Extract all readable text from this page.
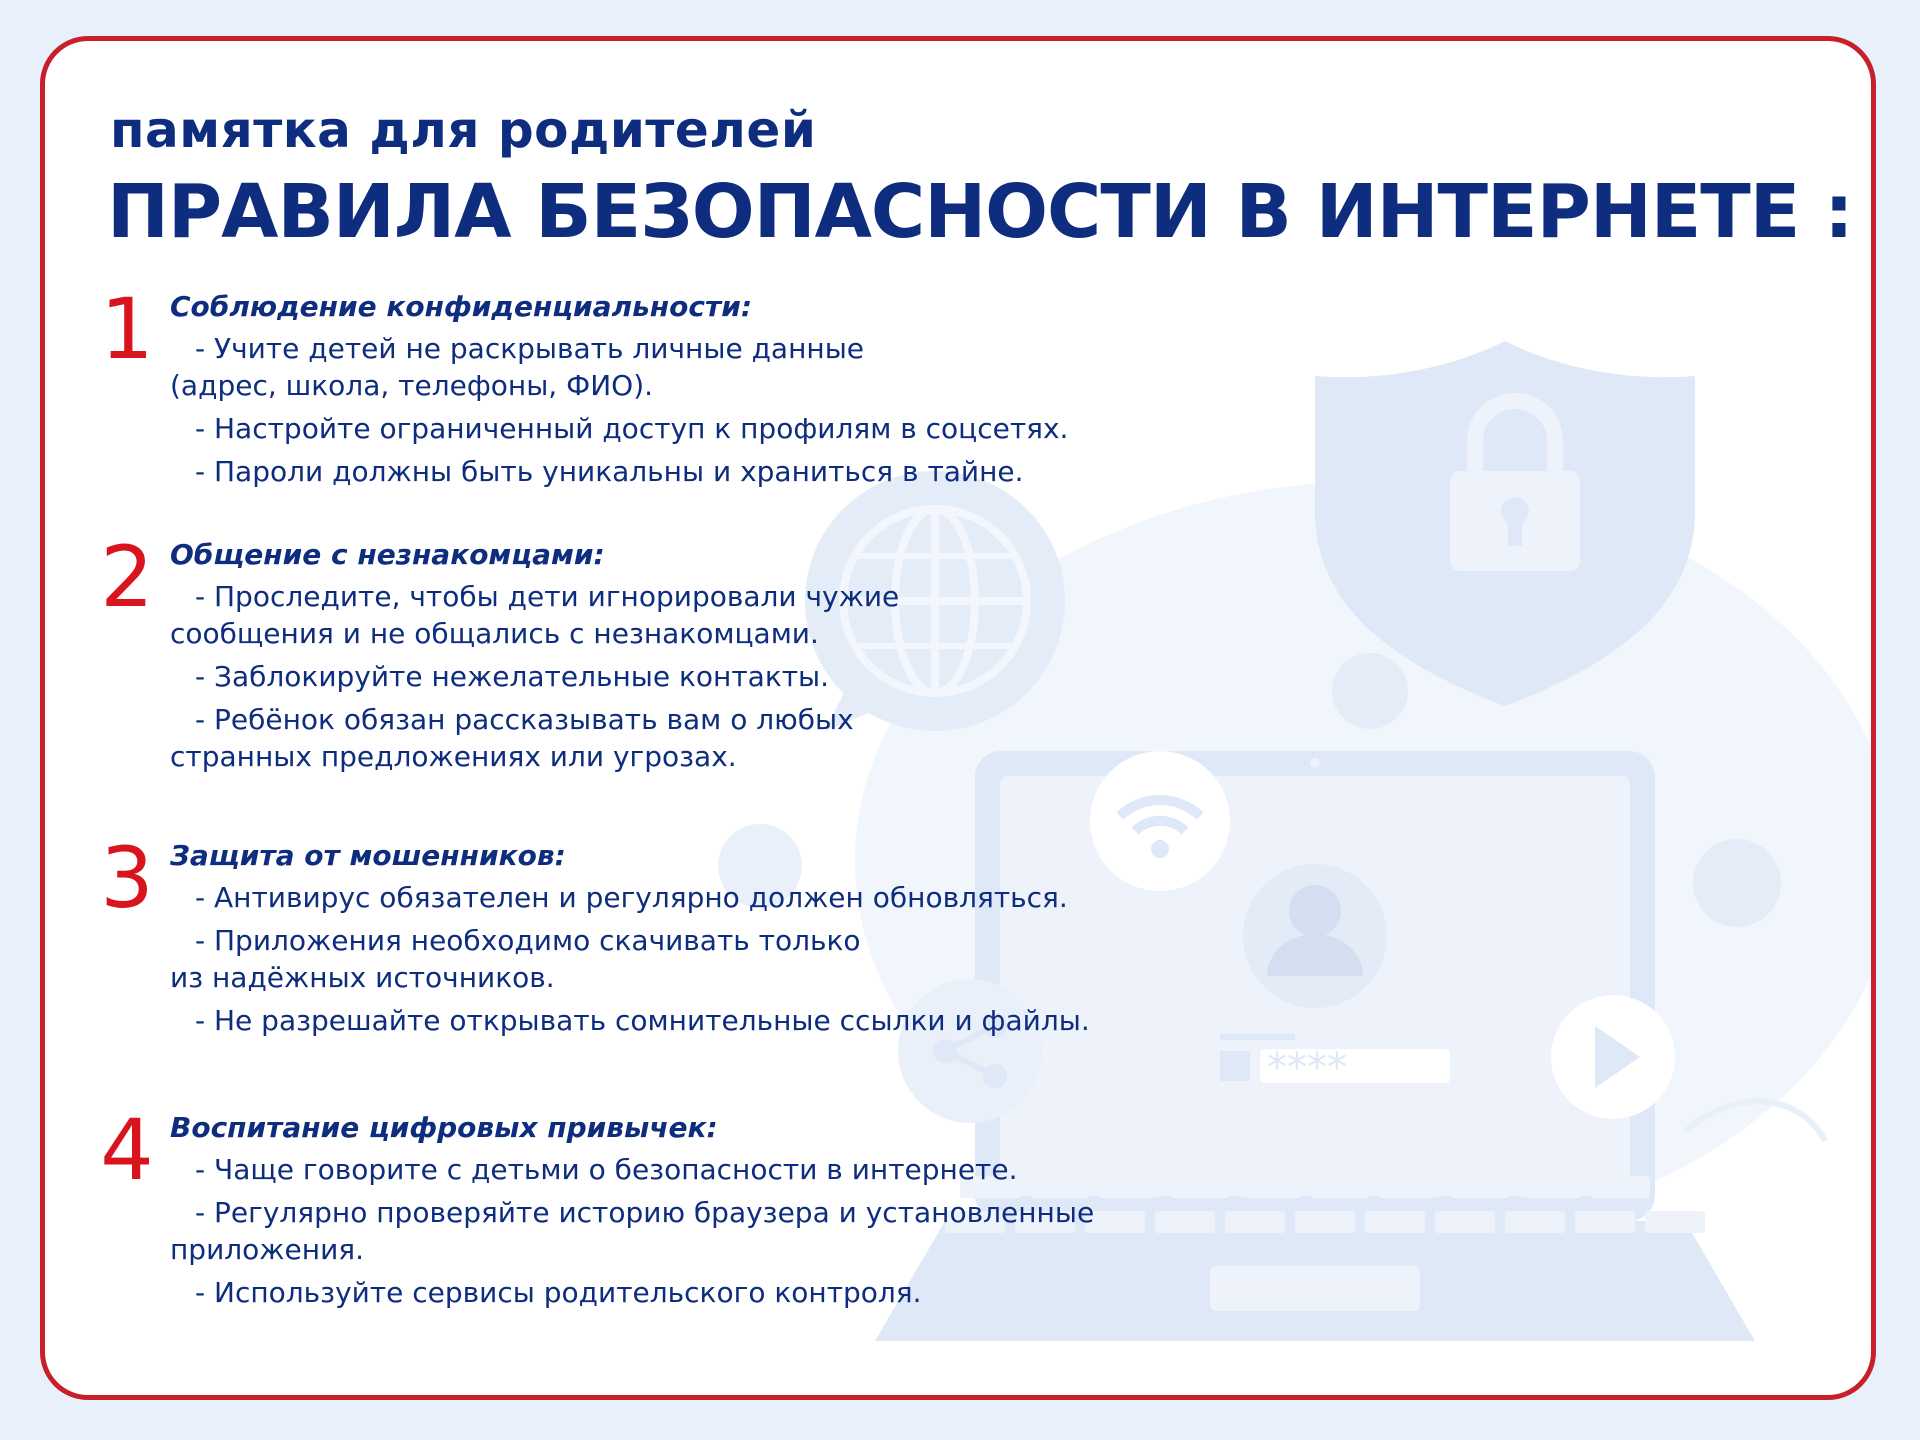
****
памятка для родителей
ПРАВИЛА БЕЗОПАСНОСТИ В ИНТЕРНЕТЕ :
1 Соблюдение конфиденциальности:
- Учите детей не раскрывать личные данные
(адрес, школа, телефоны, ФИО).
- Настройте ограниченный доступ к профилям в соцсетях.
- Пароли должны быть уникальны и храниться в тайне.
2 Общение с незнакомцами:
- Проследите, чтобы дети игнорировали чужие
сообщения и не общались с незнакомцами.
- Заблокируйте нежелательные контакты.
- Ребёнок обязан рассказывать вам о любых
странных предложениях или угрозах.
3 Защита от мошенников:
- Антивирус обязателен и регулярно должен обновляться.
- Приложения необходимо скачивать только
из надёжных источников.
- Не разрешайте открывать сомнительные ссылки и файлы.
4 Воспитание цифровых привычек:
- Чаще говорите с детьми о безопасности в интернете.
- Регулярно проверяйте историю браузера и установленные
приложения.
- Используйте сервисы родительского контроля.
